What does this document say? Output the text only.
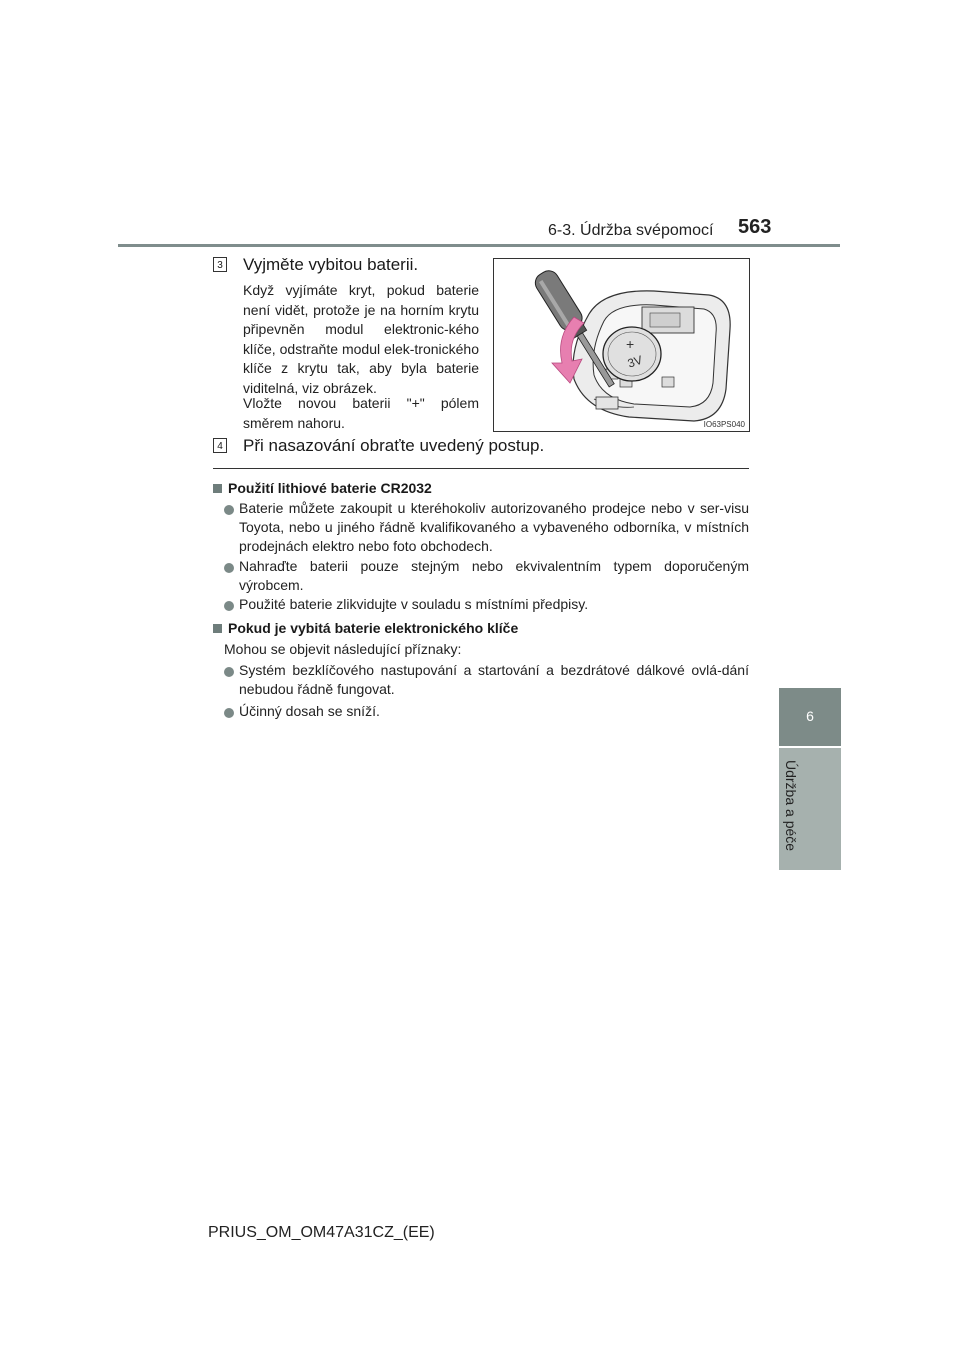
6-3. Údržba svépomocí 563
6
Údržba a péče
3 Vyjměte vybitou baterii.
Když vyjímáte kryt, pokud baterie není vidět, protože je na horním krytu připevněn modul elektronic-kého klíče, odstraňte modul elek-tronického klíče z krytu tak, aby byla baterie viditelná, viz obrázek.
Vložte novou baterii "+" pólem směrem nahoru.
+
3V
IO63PS040
4 Při nasazování obraťte uvedený postup.
Použití lithiové baterie CR2032
Baterie můžete zakoupit u kteréhokoliv autorizovaného prodejce nebo v ser-visu Toyota, nebo u jiného řádně kvalifikovaného a vybaveného odborníka, v místních prodejnách elektro nebo foto obchodech.
Nahraďte baterii pouze stejným nebo ekvivalentním typem doporučeným výrobcem.
Použité baterie zlikvidujte v souladu s místními předpisy.
Pokud je vybitá baterie elektronického klíče
Mohou se objevit následující příznaky:
Systém bezklíčového nastupování a startování a bezdrátové dálkové ovlá-dání nebudou řádně fungovat.
Účinný dosah se sníží.
PRIUS_OM_OM47A31CZ_(EE)
